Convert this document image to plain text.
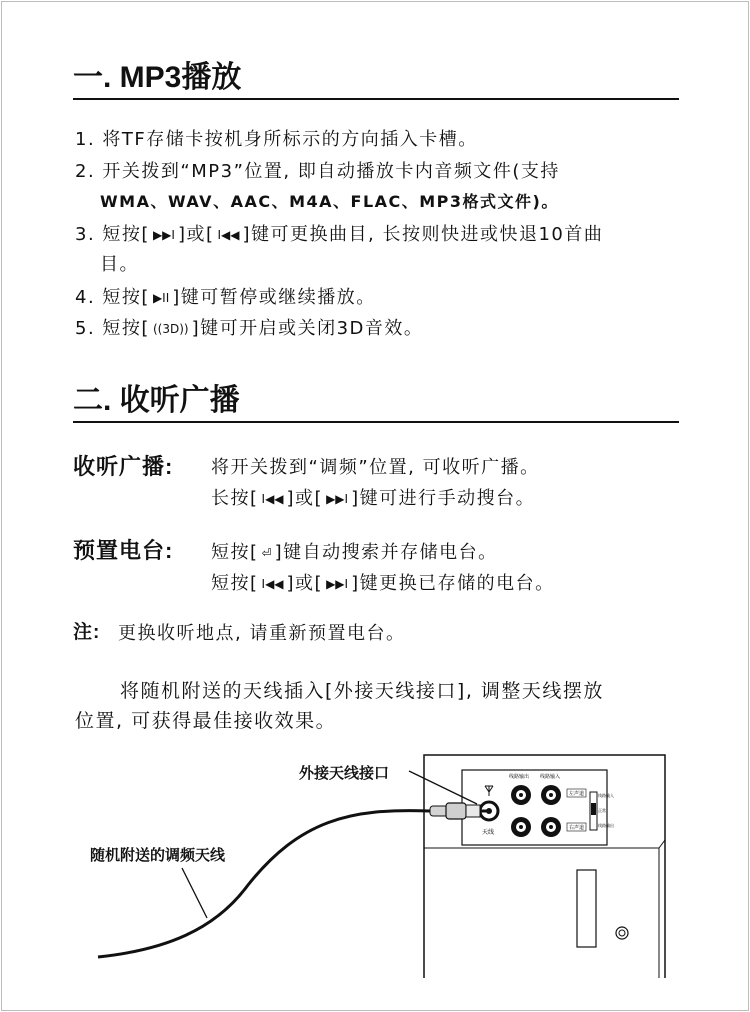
一. MP3播放
1. 将TF存储卡按机身所标示的方向插入卡槽。
2. 开关拨到“MP3”位置, 即自动播放卡内音频文件(支持
WMA、WAV、AAC、M4A、FLAC、MP3格式文件)。
3. 短按[ ▶▶I ]或[ I◀◀ ]键可更换曲目, 长按则快进或快退10首曲
目。
4. 短按[ ▶II ]键可暂停或继续播放。
5. 短按[ ((3D)) ]键可开启或关闭3D音效。
二. 收听广播
收听广播: 将开关拨到“调频”位置, 可收听广播。
长按[ I◀◀ ]或[ ▶▶I ]键可进行手动搜台。
预置电台: 短按[ ⏎ ]键自动搜索并存储电台。
短按[ I◀◀ ]或[ ▶▶I ]键更换已存储的电台。
注: 更换收听地点, 请重新预置电台。
将随机附送的天线插入[外接天线接口], 调整天线摆放
位置, 可获得最佳接收效果。
天线
线路输出 线路输入
左声道
右声道
线路输入
正常
线路输出
外接天线接口
随机附送的调频天线
